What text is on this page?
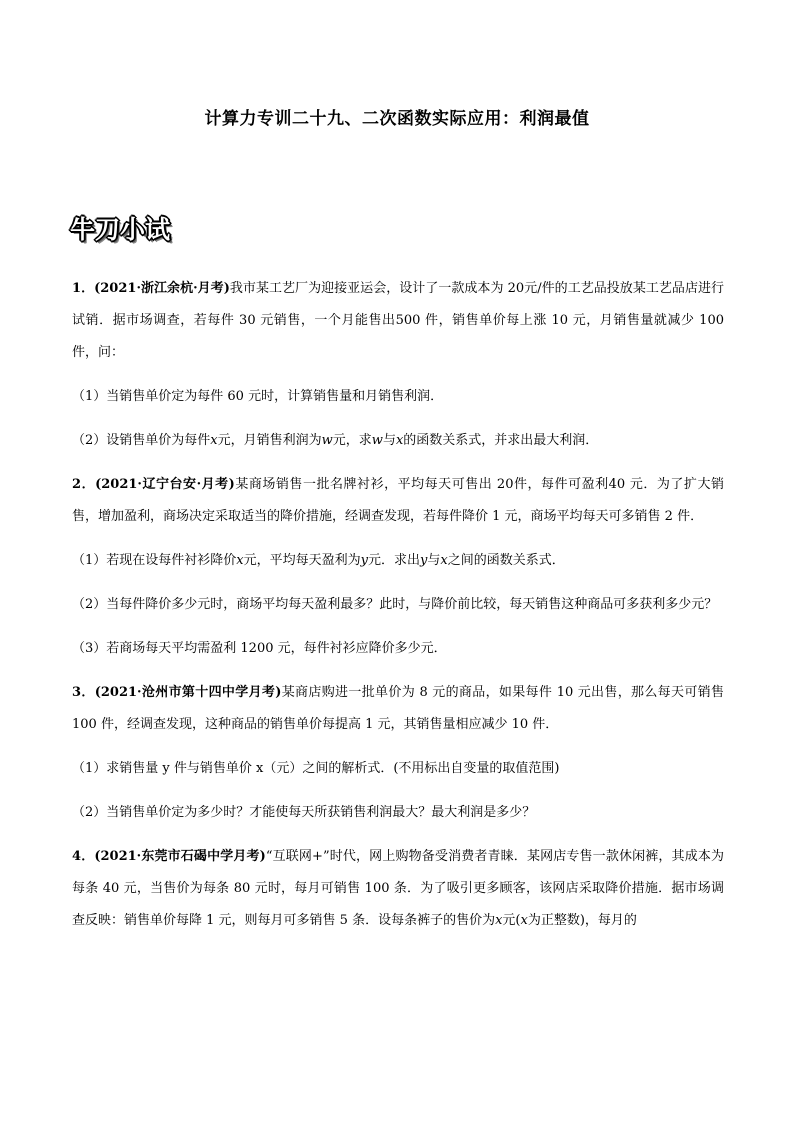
计算力专训二十九、二次函数实际应用：利润最值
牛刀小试

1．(2021·浙江余杭·月考)我市某工艺厂为迎接亚运会，设计了一款成本为 20元/件的工艺品投放某工艺品店进行试销．据市场调查，若每件 30 元销售，一个月能售出500 件，销售单价每上涨 10 元，月销售量就减少 100 件，问：

（1）当销售单价定为每件 60 元时，计算销售量和月销售利润．

（2）设销售单价为每件x元，月销售利润为w元，求w与x的函数关系式，并求出最大利润．

2．(2021·辽宁台安·月考)某商场销售一批名牌衬衫，平均每天可售出 20件，每件可盈利40 元．为了扩大销售，增加盈利，商场决定采取适当的降价措施，经调查发现，若每件降价 1 元，商场平均每天可多销售 2 件．

（1）若现在设每件衬衫降价x元，平均每天盈利为y元．求出y与x之间的函数关系式．

（2）当每件降价多少元时，商场平均每天盈利最多？此时，与降价前比较，每天销售这种商品可多获利多少元？

（3）若商场每天平均需盈利 1200 元，每件衬衫应降价多少元．

3．(2021·沧州市第十四中学月考)某商店购进一批单价为 8 元的商品，如果每件 10 元出售，那么每天可销售 100 件，经调查发现，这种商品的销售单价每提高 1 元，其销售量相应减少 10 件．

（1）求销售量 y 件与销售单价 x（元）之间的解析式．(不用标出自变量的取值范围)

（2）当销售单价定为多少时？才能使每天所获销售利润最大？最大利润是多少？

4．(2021·东莞市石碣中学月考)“互联网+”时代，网上购物备受消费者青睐．某网店专售一款休闲裤，其成本为每条 40 元，当售价为每条 80 元时，每月可销售 100 条．为了吸引更多顾客，该网店采取降价措施．据市场调查反映：销售单价每降 1 元，则每月可多销售 5 条．设每条裤子的售价为x元(x为正整数)，每月的
